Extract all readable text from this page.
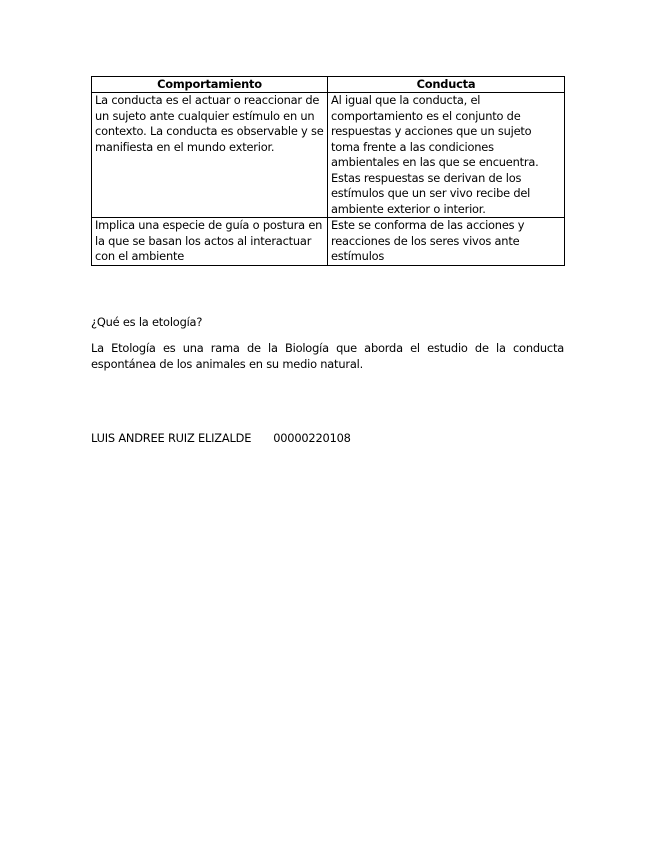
Comportamiento	Conducta
La conducta es el actuar o reaccionar de un sujeto ante cualquier estímulo en un contexto. La conducta es observable y se manifiesta en el mundo exterior.	Al igual que la conducta, el comportamiento es el conjunto de respuestas y acciones que un sujeto toma frente a las condiciones ambientales en las que se encuentra. Estas respuestas se derivan de los estímulos que un ser vivo recibe del ambiente exterior o interior.
Implica una especie de guía o postura en la que se basan los actos al interactuar con el ambiente	Este se conforma de las acciones y reacciones de los seres vivos ante estímulos
¿Qué es la etología?
La Etología es una rama de la Biología que aborda el estudio de la conducta espontánea de los animales en su medio natural.
LUIS ANDREE RUIZ ELIZALDE 00000220108
